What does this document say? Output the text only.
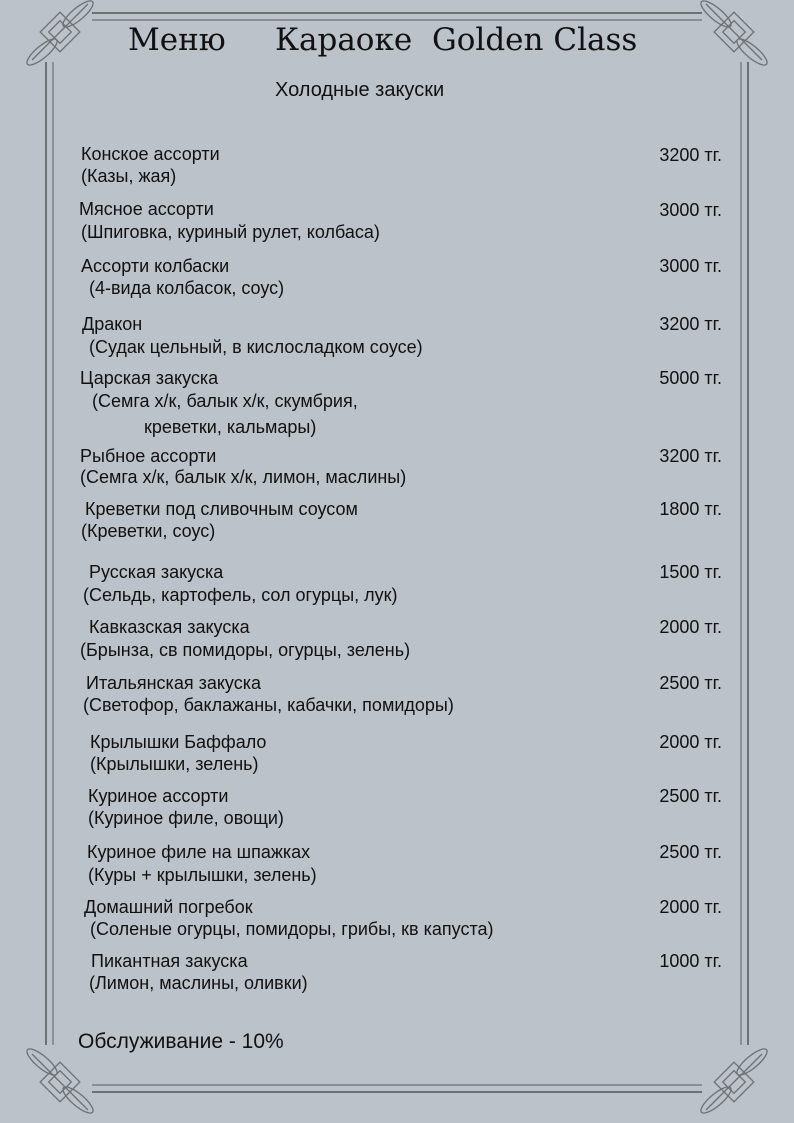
Меню Караоке Golden Class
Холодные закуски
Конское ассорти	3200 тг.
(Казы, жая)
Мясное ассорти	3000 тг.
(Шпиговка, куриный рулет, колбаса)
Ассорти колбаски	3000 тг.
(4-вида колбасок, соус)
Дракон	3200 тг.
(Судак цельный, в кислосладком соусе)
Царская закуска	5000 тг.
(Семга х/к, балык х/к, скумбрия,
креветки, кальмары)
Рыбное ассорти	3200 тг.
(Семга х/к, балык х/к, лимон, маслины)
Креветки под сливочным соусом	1800 тг.
(Креветки, соус)
Русская закуска	1500 тг.
(Сельдь, картофель, сол огурцы, лук)
Кавказская закуска	2000 тг.
(Брынза, св помидоры, огурцы, зелень)
Итальянская закуска	2500 тг.
(Светофор, баклажаны, кабачки, помидоры)
Крылышки Баффало	2000 тг.
(Крылышки, зелень)
Куриное ассорти	2500 тг.
(Куриное филе, овощи)
Куриное филе на шпажках	2500 тг.
(Куры + крылышки, зелень)
Домашний погребок	2000 тг.
(Соленые огурцы, помидоры, грибы, кв капуста)
Пикантная закуска	1000 тг.
(Лимон, маслины, оливки)
Обслуживание - 10%
